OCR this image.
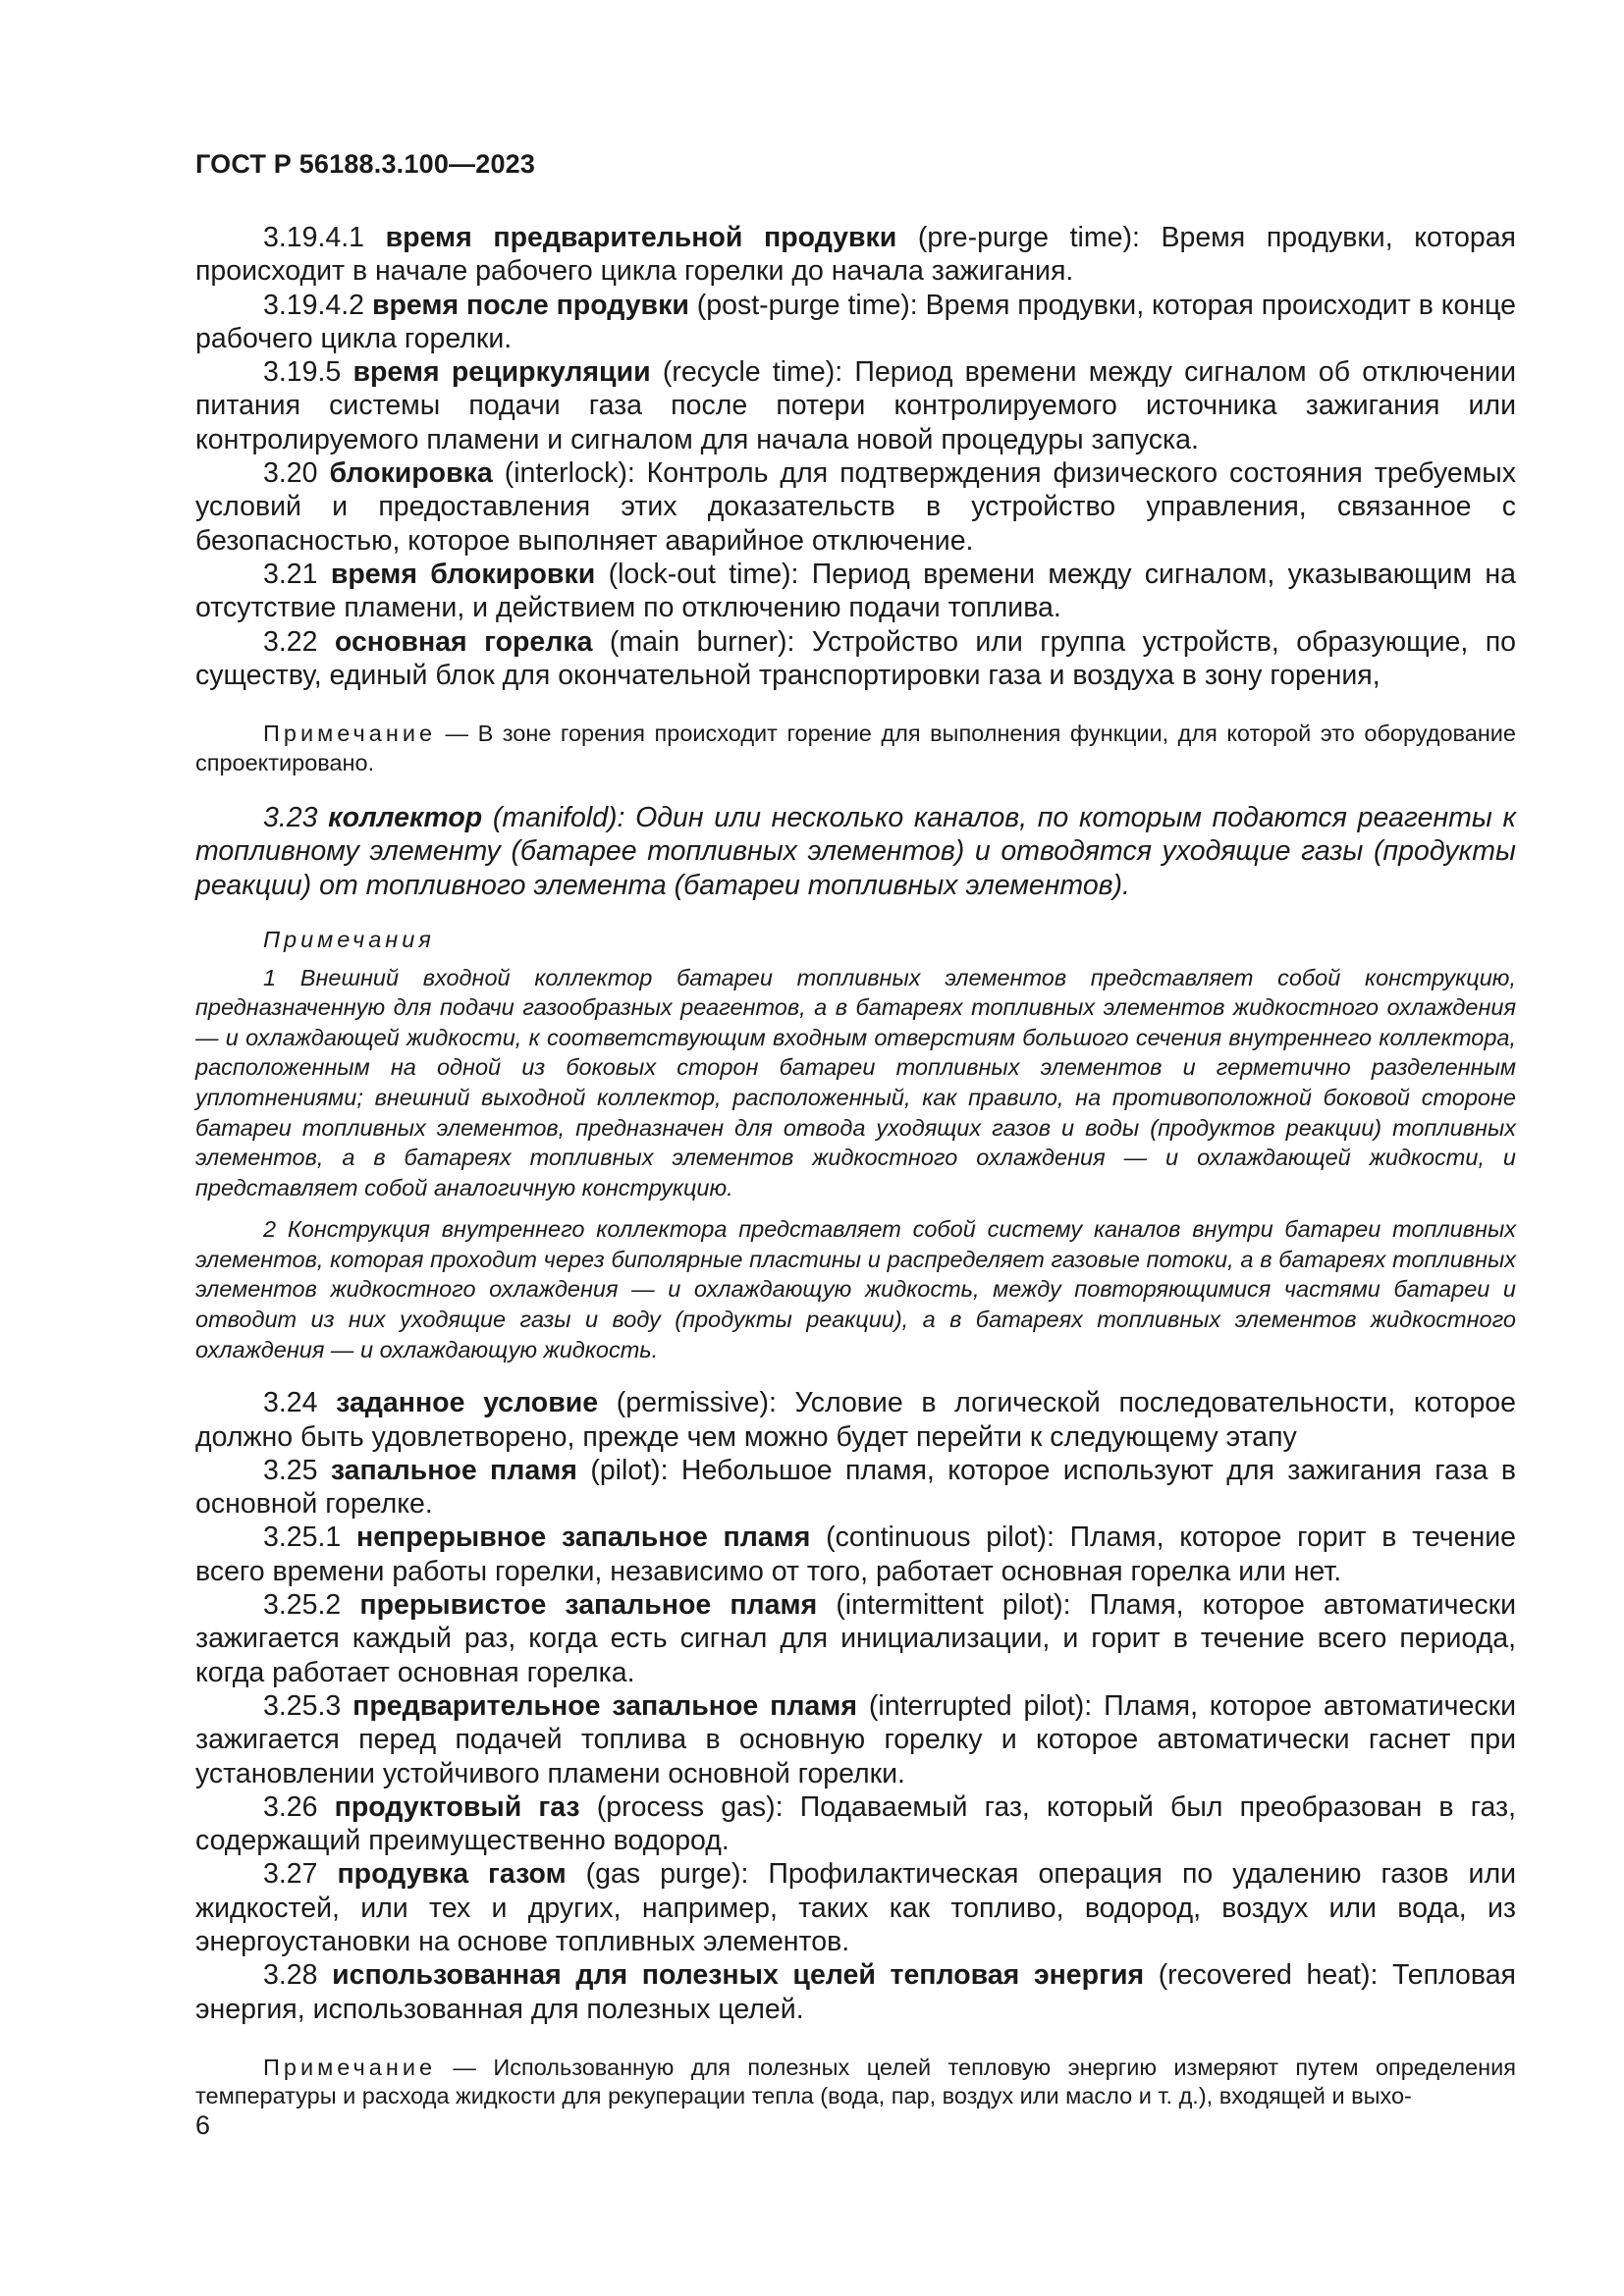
ГОСТ Р 56188.3.100—2023

3.19.4.1 время предварительной продувки (pre-purge time): Время продувки, которая происходит в начале рабочего цикла горелки до начала зажигания.

3.19.4.2 время после продувки (post-purge time): Время продувки, которая происходит в конце рабочего цикла горелки.

3.19.5 время рециркуляции (recycle time): Период времени между сигналом об отключении питания системы подачи газа после потери контролируемого источника зажигания или контролируемого пламени и сигналом для начала новой процедуры запуска.

3.20 блокировка (interlock): Контроль для подтверждения физического состояния требуемых условий и предоставления этих доказательств в устройство управления, связанное с безопасностью, которое выполняет аварийное отключение.

3.21 время блокировки (lock-out time): Период времени между сигналом, указывающим на отсутствие пламени, и действием по отключению подачи топлива.

3.22 основная горелка (main burner): Устройство или группа устройств, образующие, по существу, единый блок для окончательной транспортировки газа и воздуха в зону горения,

Примечание — В зоне горения происходит горение для выполнения функции, для которой это оборудование спроектировано.

3.23 коллектор (manifold): Один или несколько каналов, по которым подаются реагенты к топливному элементу (батарее топливных элементов) и отводятся уходящие газы (продукты реакции) от топливного элемента (батареи топливных элементов).

Примечания

1 Внешний входной коллектор батареи топливных элементов представляет собой конструкцию, предназначенную для подачи газообразных реагентов, а в батареях топливных элементов жидкостного охлаждения — и охлаждающей жидкости, к соответствующим входным отверстиям большого сечения внутреннего коллектора, расположенным на одной из боковых сторон батареи топливных элементов и герметично разделенным уплотнениями; внешний выходной коллектор, расположенный, как правило, на противоположной боковой стороне батареи топливных элементов, предназначен для отвода уходящих газов и воды (продуктов реакции) топливных элементов, а в батареях топливных элементов жидкостного охлаждения — и охлаждающей жидкости, и представляет собой аналогичную конструкцию.

2 Конструкция внутреннего коллектора представляет собой систему каналов внутри батареи топливных элементов, которая проходит через биполярные пластины и распределяет газовые потоки, а в батареях топливных элементов жидкостного охлаждения — и охлаждающую жидкость, между повторяющимися частями батареи и отводит из них уходящие газы и воду (продукты реакции), а в батареях топливных элементов жидкостного охлаждения — и охлаждающую жидкость.

3.24 заданное условие (permissive): Условие в логической последовательности, которое должно быть удовлетворено, прежде чем можно будет перейти к следующему этапу

3.25 запальное пламя (pilot): Небольшое пламя, которое используют для зажигания газа в основной горелке.

3.25.1 непрерывное запальное пламя (continuous pilot): Пламя, которое горит в течение всего времени работы горелки, независимо от того, работает основная горелка или нет.

3.25.2 прерывистое запальное пламя (intermittent pilot): Пламя, которое автоматически зажигается каждый раз, когда есть сигнал для инициализации, и горит в течение всего периода, когда работает основная горелка.

3.25.3 предварительное запальное пламя (interrupted pilot): Пламя, которое автоматически зажигается перед подачей топлива в основную горелку и которое автоматически гаснет при установлении устойчивого пламени основной горелки.

3.26 продуктовый газ (process gas): Подаваемый газ, который был преобразован в газ, содержащий преимущественно водород.

3.27 продувка газом (gas purge): Профилактическая операция по удалению газов или жидкостей, или тех и других, например, таких как топливо, водород, воздух или вода, из энергоустановки на основе топливных элементов.

3.28 использованная для полезных целей тепловая энергия (recovered heat): Тепловая энергия, использованная для полезных целей.

Примечание — Использованную для полезных целей тепловую энергию измеряют путем определения температуры и расхода жидкости для рекуперации тепла (вода, пар, воздух или масло и т. д.), входящей и выхо-

6
